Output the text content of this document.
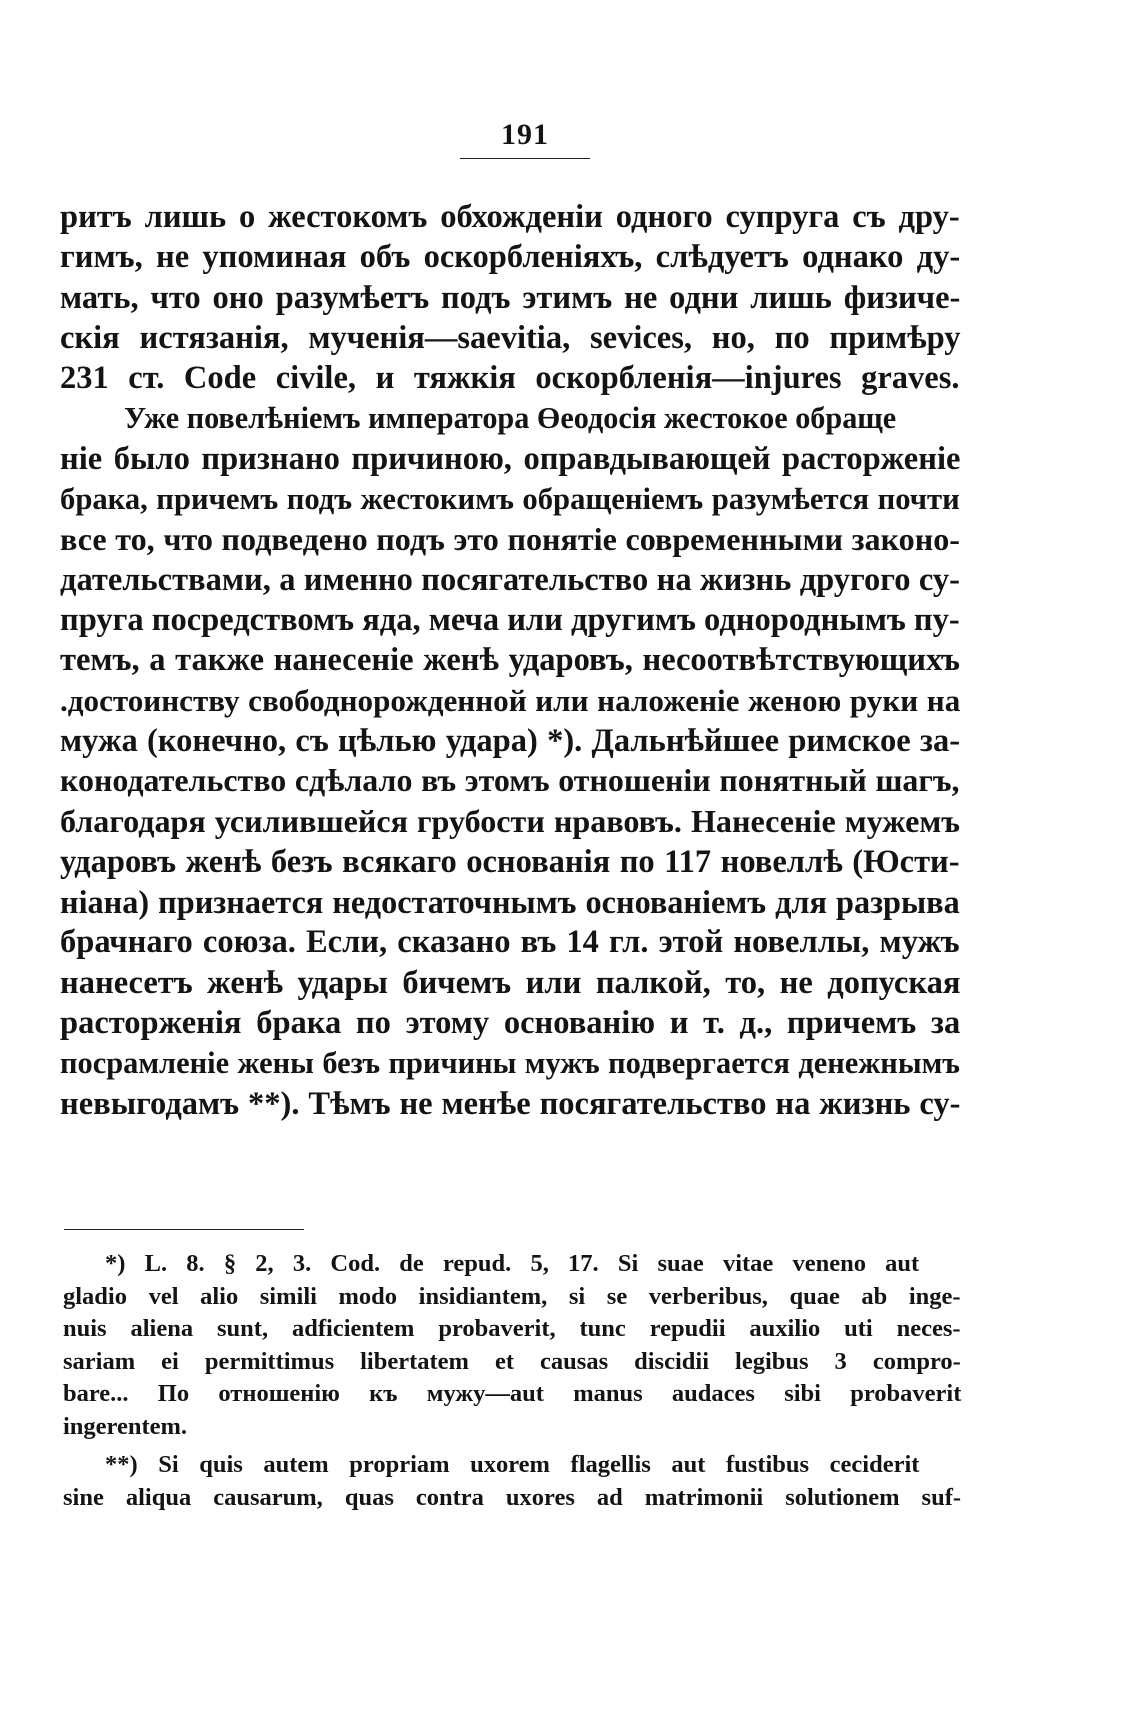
191
ритъ лишь о жестокомъ обхожденіи одного супруга съ дру-
гимъ, не упоминая объ оскорбленіяхъ, слѣдуетъ однако ду-
мать, что оно разумѣетъ подъ этимъ не одни лишь физиче-
скія истязанія, мученія—saevitia, sevices, но, по примѣру
231 ст. Code civile, и тяжкія оскорбленія—injures graves.
Уже повелѣніемъ императора Өеодосія жестокое обраще
ніе было признано причиною, оправдывающей расторженіе
брака, причемъ подъ жестокимъ обращеніемъ разумѣется почти
все то, что подведено подъ это понятіе современными законо-
дательствами, а именно посягательство на жизнь другого су-
пруга посредствомъ яда, меча или другимъ однороднымъ пу-
темъ, а также нанесеніе женѣ ударовъ, несоотвѣтствующихъ
.достоинству свободнорожденной или наложеніе женою руки на
мужа (конечно, съ цѣлью удара) *). Дальнѣйшее римское за-
конодательство сдѣлало въ этомъ отношеніи понятный шагъ,
благодаря усилившейся грубости нравовъ. Нанесеніе мужемъ
ударовъ женѣ безъ всякаго основанія по 117 новеллѣ (Юсти-
ніана) признается недостаточнымъ основаніемъ для разрыва
брачнаго союза. Если, сказано въ 14 гл. этой новеллы, мужъ
нанесетъ женѣ удары бичемъ или палкой, то, не допуская
расторженія брака по этому основанію и т. д., причемъ за
посрамленіе жены безъ причины мужъ подвергается денежнымъ
невыгодамъ **). Тѣмъ не менѣе посягательство на жизнь су-
*) L. 8. § 2, 3. Cod. de repud. 5, 17. Si suae vitae veneno aut
gladio vel alio simili modo insidiantem, si se verberibus, quae ab inge-
nuis aliena sunt, adficientem probaverit, tunc repudii auxilio uti neces-
sariam ei permittimus libertatem et causas discidii legibus 3 compro-
bare... По отношенію къ мужу—aut manus audaces sibi probaverit
ingerentem.
**) Si quis autem propriam uxorem flagellis aut fustibus ceciderit
sine aliqua causarum, quas contra uxores ad matrimonii solutionem suf-
